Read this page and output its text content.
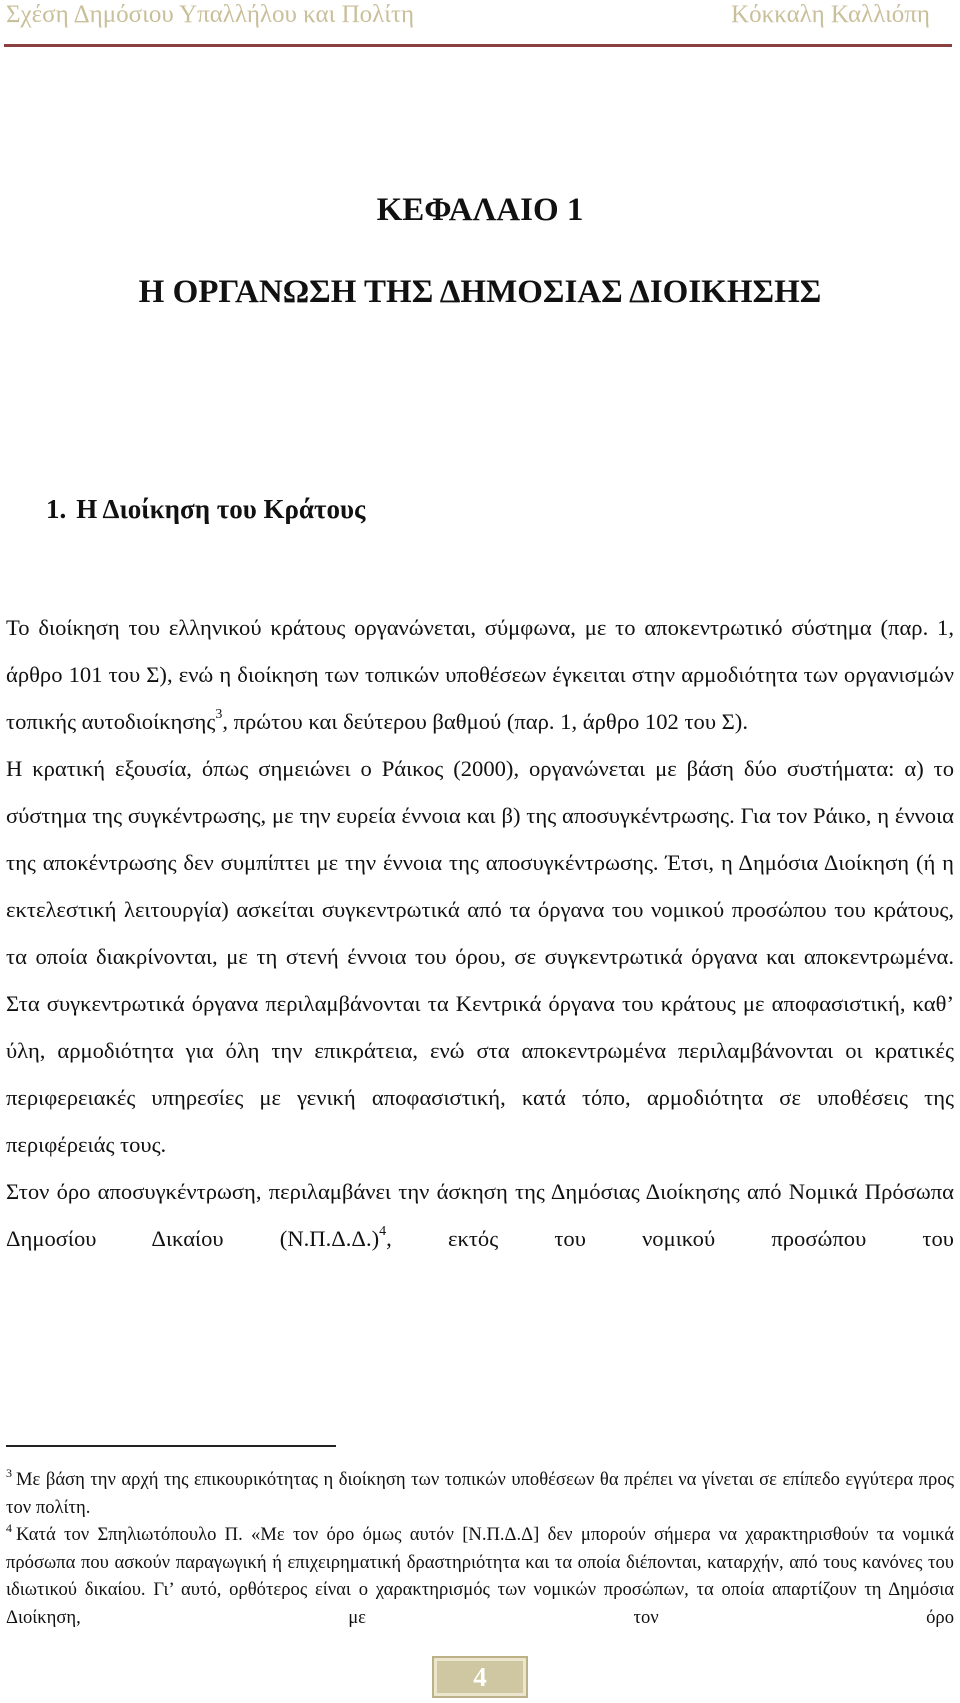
Σχέση Δημόσιου Υπαλλήλου και Πολίτη	Κόκκαλη Καλλιόπη
ΚΕΦΑΛΑΙΟ 1
Η ΟΡΓΑΝΩΣΗ ΤΗΣ ΔΗΜΟΣΙΑΣ ΔΙΟΙΚΗΣΗΣ
1. Η Διοίκηση του Κράτους

Το διοίκηση του ελληνικού κράτους οργανώνεται, σύμφωνα, με το αποκεντρωτικό σύστημα (παρ. 1, άρθρο 101 του Σ), ενώ η διοίκηση των τοπικών υποθέσεων έγκειται στην αρμοδιότητα των οργανισμών τοπικής αυτοδιοίκησης$^3$, πρώτου και δεύτερου βαθμού (παρ. 1, άρθρο 102 του Σ).

Η κρατική εξουσία, όπως σημειώνει ο Ράικος (2000), οργανώνεται με βάση δύο συστήματα: α) το σύστημα της συγκέντρωσης, με την ευρεία έννοια και β) της αποσυγκέντρωσης. Για τον Ράικο, η έννοια της αποκέντρωσης δεν συμπίπτει με την έννοια της αποσυγκέντρωσης. Έτσι, η Δημόσια Διοίκηση (ή η εκτελεστική λειτουργία) ασκείται συγκεντρωτικά από τα όργανα του νομικού προσώπου του κράτους, τα οποία διακρίνονται, με τη στενή έννοια του όρου, σε συγκεντρωτικά όργανα και αποκεντρωμένα. Στα συγκεντρωτικά όργανα περιλαμβάνονται τα Κεντρικά όργανα του κράτους με αποφασιστική, καθ’ ύλη, αρμοδιότητα για όλη την επικράτεια, ενώ στα αποκεντρωμένα περιλαμβάνονται οι κρατικές περιφερειακές υπηρεσίες με γενική αποφασιστική, κατά τόπο, αρμοδιότητα σε υποθέσεις της περιφέρειάς τους.

Στον όρο αποσυγκέντρωση, περιλαμβάνει την άσκηση της Δημόσιας Διοίκησης από Νομικά Πρόσωπα Δημοσίου Δικαίου $(N.\Pi.\Delta.\Delta.)^4$, εκτός του νομικού προσώπου του

$^3$ Με βάση την αρχή της επικουρικότητας η διοίκηση των τοπικών υποθέσεων θα πρέπει να γίνεται σε επίπεδο εγγύτερα προς τον πολίτη.

$^4$ Κατά τον Σπηλιωτόπουλο Π. «Με τον όρο όμως αυτόν [Ν.Π.Δ.Δ] δεν μπορούν σήμερα να χαρακτηρισθούν τα νομικά πρόσωπα που ασκούν παραγωγική ή επιχειρηματική δραστηριότητα και τα οποία διέπονται, καταρχήν, από τους κανόνες του ιδιωτικού δικαίου. Γι’ αυτό, ορθότερος είναι ο χαρακτηρισμός των νομικών προσώπων, τα οποία απαρτίζουν τη Δημόσια Διοίκηση, με τον όρο

4
